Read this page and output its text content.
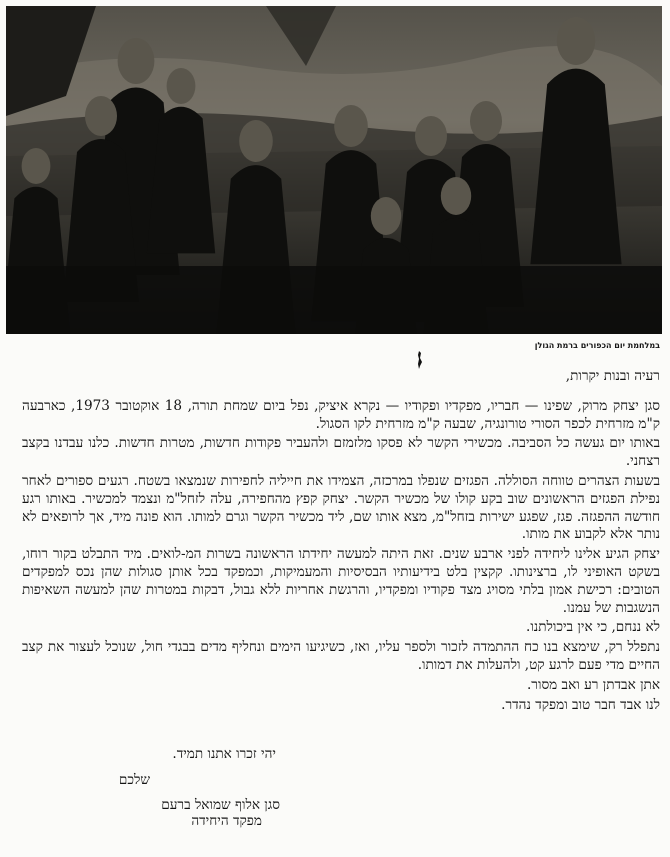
במלחמת יום הכפורים ברמת הגולן

רעיה ובנות יקרות,

סגן יצחק מרוק, שפינו — חבריו, מפקדיו ופקודיו — נקרא איציק, נפל ביום שמחת תורה, 18 אוקטובר 1973, כארבעה ק"מ מזרחית לכפר הסורי טורונגיה, שבעה ק"מ מזרחית לקו הסגול.

באותו יום געשה כל הסביבה. מכשירי הקשר לא פסקו מלזמזם ולהעביר פקודות חדשות, מטרות חדשות. כלנו עבדנו בקצב רצחני.

בשעות הצהרים טווחה הסוללה. הפגזים שנפלו במרכזה, הצמידו את חייליה לחפירות שנמצאו בשטח. רגעים ספורים לאחר נפילת הפגזים הראשונים שוב בקע קולו של מכשיר הקשר. יצחק קפץ מהחפירה, עלה לזחל"מ ונצמד למכשיר. באותו רגע חודשה ההפגזה. פגז, שפגע ישירות בזחל"מ, מצא אותו שם, ליד מכשיר הקשר וגרם למותו. הוא פונה מיד, אך לרופאים לא נותר אלא לקבוע את מותו.

יצחק הגיע אלינו ליחידה לפני ארבע שנים. זאת היתה למעשה יחידתו הראשונה בשרות המ-לואים. מיד התבלט בקור רוחו, בשקט האופיני לו, ברצינותו. קקצין בלט בידיעותיו הבסיסיות והמעמיקות, וכמפקד בכל אותן סגולות שהן נכס למפקדים הטובים: רכישת אמון בלתי מסויג מצד פקודיו ומפקדיו, והרגשת אחריות ללא גבול, דבקות במטרות שהן למעשה השאיפות הנשגבות של עמנו.

לא ננחם, כי אין ביכולתנו.

נתפלל רק, שימצא בנו כח ההתמדה לזכור ולספר עליו, ואז, כשיגיעו הימים ונחליף מדים בבגדי חול, שנוכל לעצור את קצב החיים מדי פעם לרגע קט, ולהעלות את דמותו.

אתן אבדתן רע ואב מסור.

לנו אבד חבר טוב ומפקד נהדר.

יהי זכרו אתנו תמיד.
שלכם
סגן אלוף שמואל ברעם
מפקד היחידה
